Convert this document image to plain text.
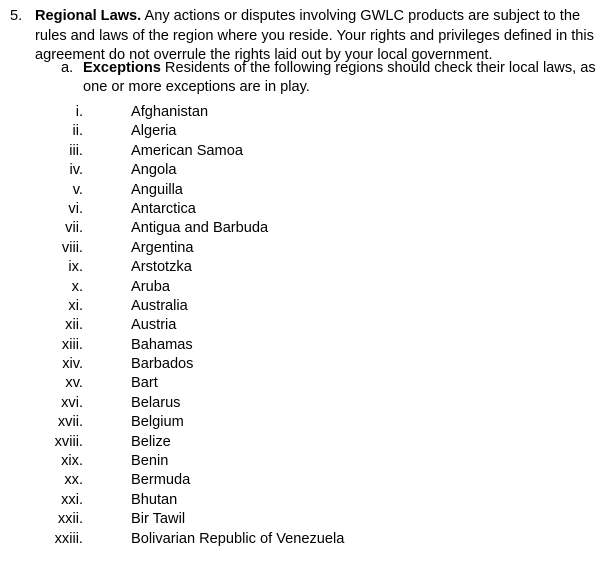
5. Regional Laws. Any actions or disputes involving GWLC products are subject to the rules and laws of the region where you reside. Your rights and privileges defined in this agreement do not overrule the rights laid out by your local government.
a. Exceptions Residents of the following regions should check their local laws, as one or more exceptions are in play.
i.	Afghanistan
ii.	Algeria
iii.	American Samoa
iv.	Angola
v.	Anguilla
vi.	Antarctica
vii.	Antigua and Barbuda
viii.	Argentina
ix.	Arstotzka
x.	Aruba
xi.	Australia
xii.	Austria
xiii.	Bahamas
xiv.	Barbados
xv.	Bart
xvi.	Belarus
xvii.	Belgium
xviii.	Belize
xix.	Benin
xx.	Bermuda
xxi.	Bhutan
xxii.	Bir Tawil
xxiii.	Bolivarian Republic of Venezuela
